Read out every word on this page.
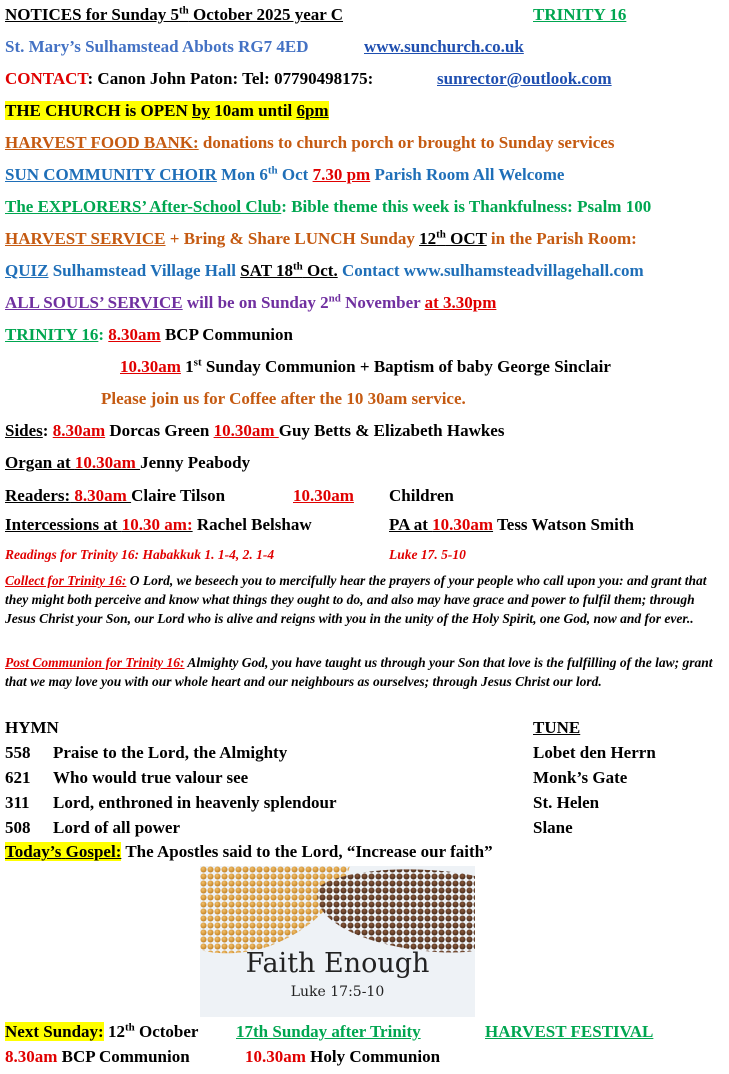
NOTICES for Sunday 5th October 2025 year C	TRINITY 16
St. Mary’s Sulhamstead Abbots RG7 4ED	www.sunchurch.co.uk
CONTACT: Canon John Paton: Tel: 07790498175:	sunrector@outlook.com
THE CHURCH is OPEN by 10am until 6pm
HARVEST FOOD BANK: donations to church porch or brought to Sunday services
SUN COMMUNITY CHOIR Mon 6th Oct 7.30 pm Parish Room All Welcome
The EXPLORERS’ After-School Club: Bible theme this week is Thankfulness: Psalm 100
HARVEST SERVICE + Bring & Share LUNCH Sunday 12th OCT in the Parish Room:
QUIZ Sulhamstead Village Hall SAT 18th Oct. Contact www.sulhamsteadvillagehall.com
ALL SOULS’ SERVICE will be on Sunday 2nd November at 3.30pm
TRINITY 16: 8.30am BCP Communion
10.30am 1st Sunday Communion + Baptism of baby George Sinclair
Please join us for Coffee after the 10 30am service.
Sides: 8.30am Dorcas Green 10.30am Guy Betts & Elizabeth Hawkes
Organ at 10.30am Jenny Peabody
Readers: 8.30am Claire Tilson	10.30am Children
Intercessions at 10.30 am: Rachel Belshaw	PA at 10.30am Tess Watson Smith
Readings for Trinity 16: Habakkuk 1. 1-4, 2. 1-4	Luke 17. 5-10
Collect for Trinity 16: O Lord, we beseech you to mercifully hear the prayers of your people who call upon you: and grant that they might both perceive and know what things they ought to do, and also may have grace and power to fulfil them; through Jesus Christ your Son, our Lord who is alive and reigns with you in the unity of the Holy Spirit, one God, now and for ever..
Post Communion for Trinity 16: Almighty God, you have taught us through your Son that love is the fulfilling of the law; grant that we may love you with our whole heart and our neighbours as ourselves; through Jesus Christ our lord.
HYMN	TUNE
558 Praise to the Lord, the Almighty	Lobet den Herrn
621 Who would true valour see	Monk’s Gate
311 Lord, enthroned in heavenly splendour	St. Helen
508 Lord of all power	Slane
Today’s Gospel: The Apostles said to the Lord, “Increase our faith”
Faith Enough
Luke 17:5-10
Next Sunday: 12th October 17th Sunday after Trinity	HARVEST FESTIVAL
8.30am BCP Communion	10.30am Holy Communion
